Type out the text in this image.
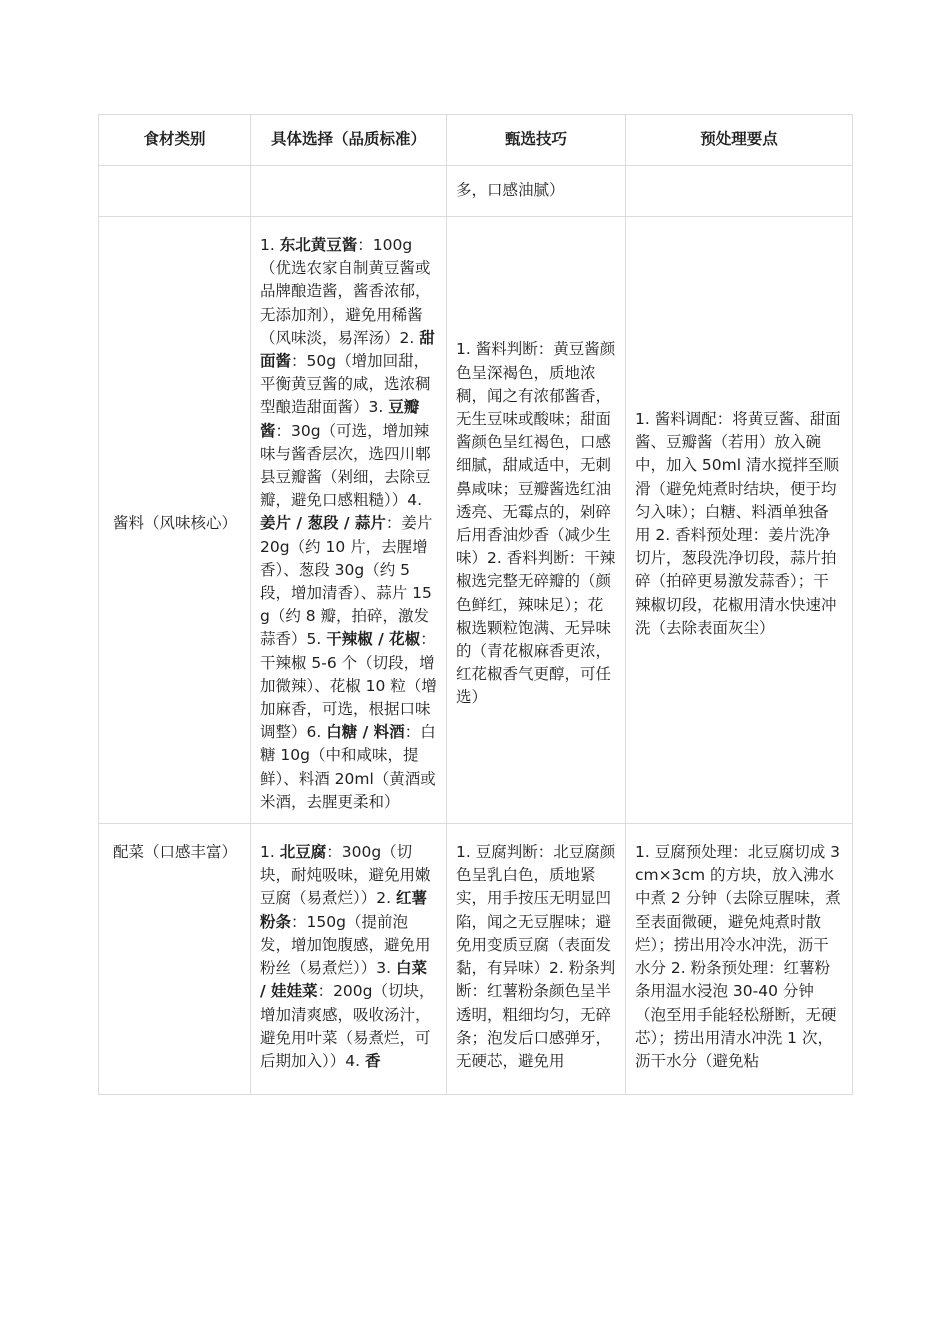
食材类别	具体选择（品质标准）	甄选技巧	预处理要点
		多，口感油腻）	
酱料（风味核心）	1. 东北黄豆酱：100g（优选农家自制黄豆酱或品牌酿造酱，酱香浓郁，无添加剂），避免用稀酱（风味淡，易浑汤）2. 甜面酱：50g（增加回甜，平衡黄豆酱的咸，选浓稠型酿造甜面酱）3. 豆瓣酱：30g（可选，增加辣味与酱香层次，选四川郫县豆瓣酱（剁细，去除豆瓣，避免口感粗糙））4. 姜片 / 葱段 / 蒜片：姜片 20g（约 10 片，去腥增香）、葱段 30g（约 5 段，增加清香）、蒜片 15g（约 8 瓣，拍碎，激发蒜香）5. 干辣椒 / 花椒：干辣椒 5-6 个（切段，增加微辣）、花椒 10 粒（增加麻香，可选，根据口味调整）6. 白糖 / 料酒：白糖 10g（中和咸味，提鲜）、料酒 20ml（黄酒或米酒，去腥更柔和）	1. 酱料判断：黄豆酱颜色呈深褐色，质地浓稠，闻之有浓郁酱香，无生豆味或酸味；甜面酱颜色呈红褐色，口感细腻，甜咸适中，无刺鼻咸味；豆瓣酱选红油透亮、无霉点的，剁碎后用香油炒香（减少生味）2. 香料判断：干辣椒选完整无碎瓣的（颜色鲜红，辣味足）；花椒选颗粒饱满、无异味的（青花椒麻香更浓，红花椒香气更醇，可任选）	1. 酱料调配：将黄豆酱、甜面酱、豆瓣酱（若用）放入碗中，加入 50ml 清水搅拌至顺滑（避免炖煮时结块，便于均匀入味）；白糖、料酒单独备用 2. 香料预处理：姜片洗净切片，葱段洗净切段，蒜片拍碎（拍碎更易激发蒜香）；干辣椒切段，花椒用清水快速冲洗（去除表面灰尘）
配菜（口感丰富）	1. 北豆腐：300g（切块，耐炖吸味，避免用嫩豆腐（易煮烂））2. 红薯粉条：150g（提前泡发，增加饱腹感，避免用粉丝（易煮烂））3. 白菜 / 娃娃菜：200g（切块，增加清爽感，吸收汤汁，避免用叶菜（易煮烂，可后期加入））4. 香	1. 豆腐判断：北豆腐颜色呈乳白色，质地紧实，用手按压无明显凹陷，闻之无豆腥味；避免用变质豆腐（表面发黏，有异味）2. 粉条判断：红薯粉条颜色呈半透明，粗细均匀，无碎条；泡发后口感弹牙，无硬芯，避免用	1. 豆腐预处理：北豆腐切成 3cm×3cm 的方块，放入沸水中煮 2 分钟（去除豆腥味，煮至表面微硬，避免炖煮时散烂）；捞出用冷水冲洗，沥干水分 2. 粉条预处理：红薯粉条用温水浸泡 30-40 分钟（泡至用手能轻松掰断，无硬芯）；捞出用清水冲洗 1 次，沥干水分（避免粘
